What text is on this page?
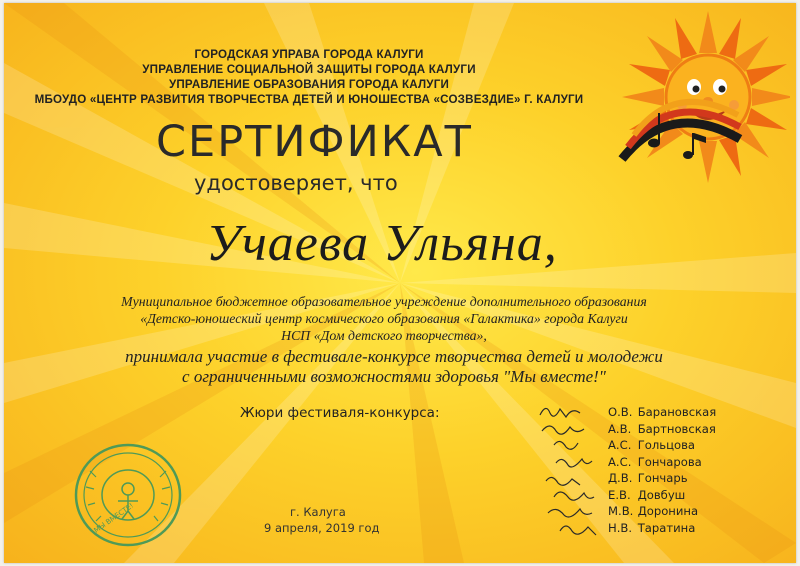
ГОРОДСКАЯ УПРАВА ГОРОДА КАЛУГИ
УПРАВЛЕНИЕ СОЦИАЛЬНОЙ ЗАЩИТЫ ГОРОДА КАЛУГИ
УПРАВЛЕНИЕ ОБРАЗОВАНИЯ ГОРОДА КАЛУГИ
МБОУДО «ЦЕНТР РАЗВИТИЯ ТВОРЧЕСТВА ДЕТЕЙ И ЮНОШЕСТВА «СОЗВЕЗДИЕ» Г. КАЛУГИ
СЕРТИФИКАТ
удостоверяет, что
Учаева Ульяна,
Муниципальное бюджетное образовательное учреждение дополнительного образования
«Детско-юношеский центр космического образования «Галактика» города Калуги
НСП «Дом детского творчества»,
принимала участие в фестивале-конкурсе творчества детей и молодежи
с ограниченными возможностями здоровья "Мы вместе!"
Жюри фестиваля-конкурса:	О.В. Барановская
А.В. Бартновская
А.С. Гольцова
А.С. Гончарова
Д.В. Гончарь
Е.В. Довбуш
М.В. Доронина
Н.В. Таратина
МЫ ВМЕСТЕ!	г. Калуга
9 апреля, 2019 год
